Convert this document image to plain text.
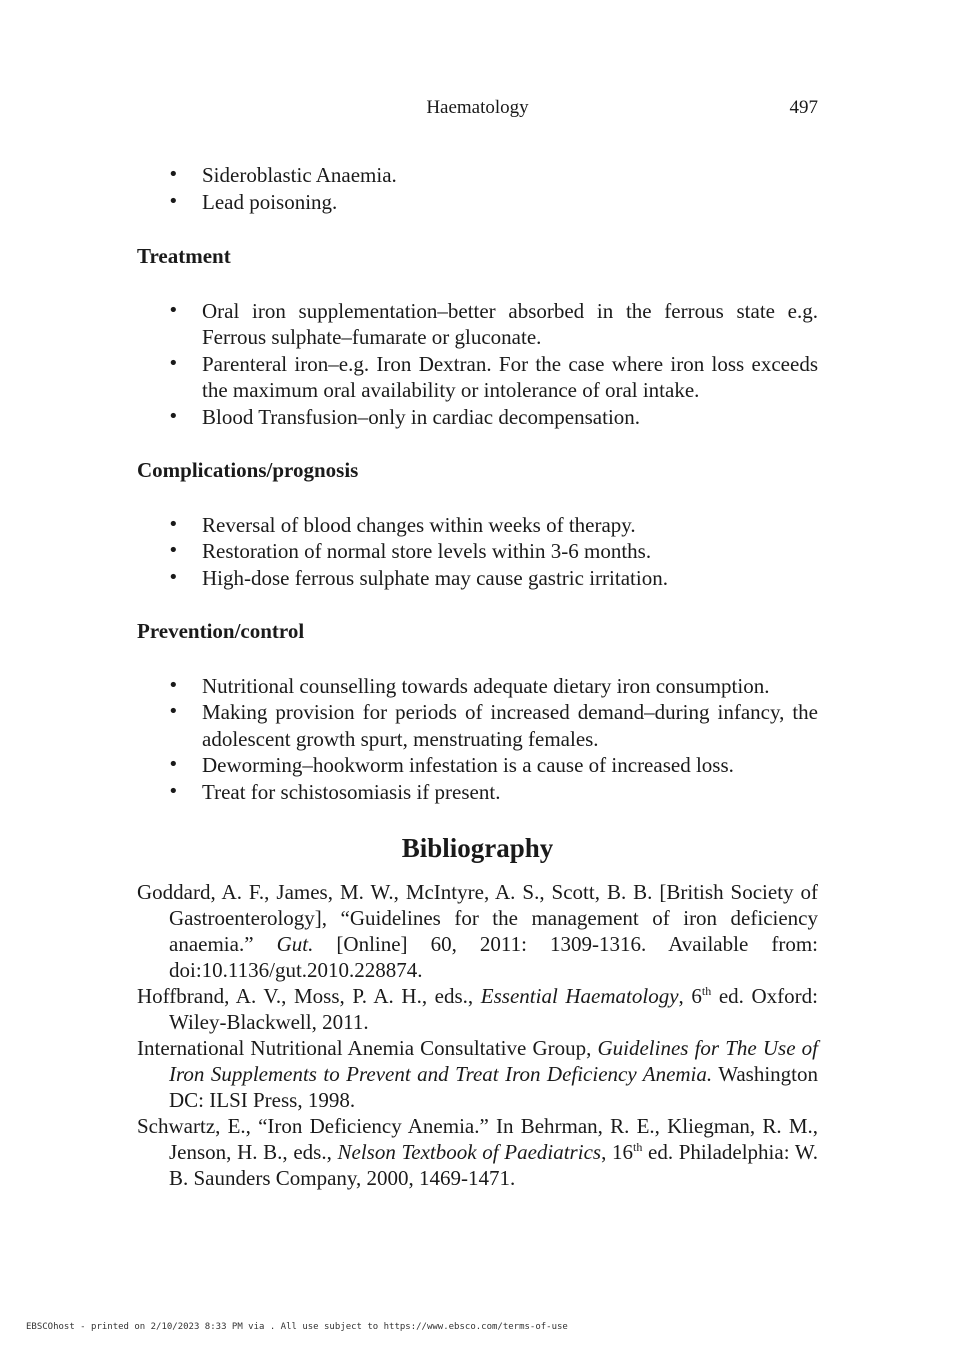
Haematology	497
• Sideroblastic Anaemia.
• Lead poisoning.
Treatment
• Oral iron supplementation–better absorbed in the ferrous state e.g. Ferrous sulphate–fumarate or gluconate.
• Parenteral iron–e.g. Iron Dextran. For the case where iron loss exceeds the maximum oral availability or intolerance of oral intake.
• Blood Transfusion–only in cardiac decompensation.
Complications/prognosis
• Reversal of blood changes within weeks of therapy.
• Restoration of normal store levels within 3-6 months.
• High-dose ferrous sulphate may cause gastric irritation.
Prevention/control
• Nutritional counselling towards adequate dietary iron consumption.
• Making provision for periods of increased demand–during infancy, the adolescent growth spurt, menstruating females.
• Deworming–hookworm infestation is a cause of increased loss.
• Treat for schistosomiasis if present.
Bibliography
Goddard, A. F., James, M. W., McIntyre, A. S., Scott, B. B. [British Society of Gastroenterology], “Guidelines for the management of iron deficiency anaemia.” Gut. [Online] 60, 2011: 1309-1316. Available from: doi:10.1136/gut.2010.228874.
Hoffbrand, A. V., Moss, P. A. H., eds., Essential Haematology, 6th ed. Oxford: Wiley-Blackwell, 2011.
International Nutritional Anemia Consultative Group, Guidelines for The Use of Iron Supplements to Prevent and Treat Iron Deficiency Anemia. Washington DC: ILSI Press, 1998.
Schwartz, E., “Iron Deficiency Anemia.” In Behrman, R. E., Kliegman, R. M., Jenson, H. B., eds., Nelson Textbook of Paediatrics, 16th ed. Philadelphia: W. B. Saunders Company, 2000, 1469-1471.
EBSCOhost - printed on 2/10/2023 8:33 PM via . All use subject to https://www.ebsco.com/terms-of-use
